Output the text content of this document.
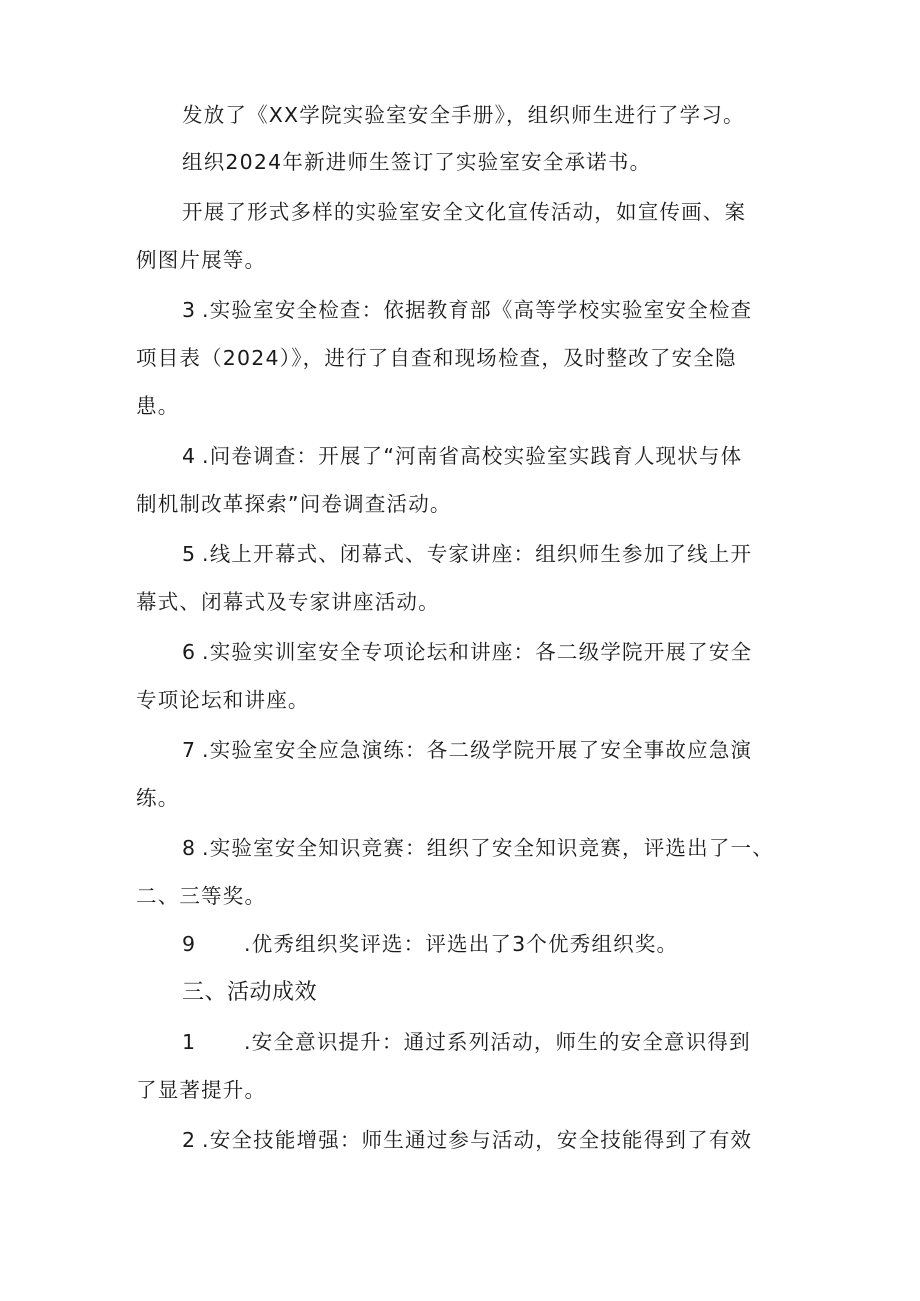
发放了《XX学院实验室安全手册》，组织师生进行了学习。
组织2024年新进师生签订了实验室安全承诺书。
开展了形式多样的实验室安全文化宣传活动，如宣传画、案
例图片展等。
3 .实验室安全检查：依据教育部《高等学校实验室安全检查
项目表（2024）》，进行了自查和现场检查，及时整改了安全隐
患。
4 .问卷调查：开展了“河南省高校实验室实践育人现状与体
制机制改革探索”问卷调查活动。
5 .线上开幕式、闭幕式、专家讲座：组织师生参加了线上开
幕式、闭幕式及专家讲座活动。
6 .实验实训室安全专项论坛和讲座：各二级学院开展了安全
专项论坛和讲座。
7 .实验室安全应急演练：各二级学院开展了安全事故应急演
练。
8 .实验室安全知识竞赛：组织了安全知识竞赛，评选出了一、
二、三等奖。
9 .优秀组织奖评选：评选出了3个优秀组织奖。
三、活动成效
1 .安全意识提升：通过系列活动，师生的安全意识得到
了显著提升。
2 .安全技能增强：师生通过参与活动，安全技能得到了有效
